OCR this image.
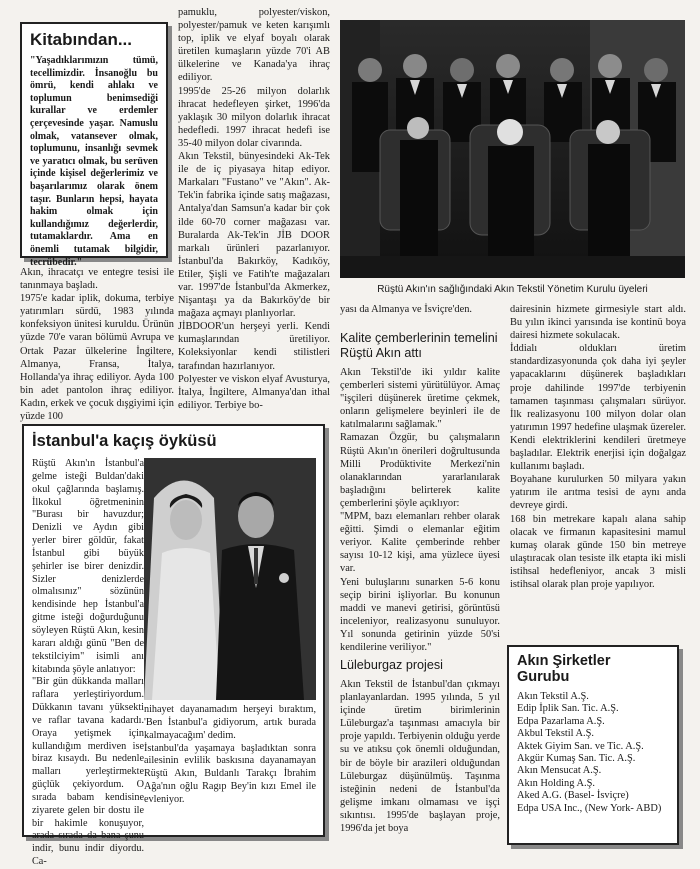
Kitabından...
"Yaşadıklarımızın tümü, tecellimizdir. İnsanoğlu bu ömrü, kendi ahlakı ve toplumun benimsediği kurallar ve erdemler çerçevesinde yaşar. Namuslu olmak, vatansever olmak, toplumunu, insanlığı sevmek ve yaratıcı olmak, bu serüven içinde kişisel değerlerimiz ve başarılarımız olarak önem taşır. Bunların hepsi, hayata hakim olmak için kullandığımız değerlerdir, tutamaklardır. Ama en önemli tutamak bilgidir, tecrübedir."
Akın, ihracatçı ve entegre tesisi ile tanınmaya başladı.
1975'e kadar iplik, dokuma, terbiye yatırımları sürdü, 1983 yılında konfeksiyon ünitesi kuruldu. Ürünün yüzde 70'e varan bölümü Avrupa ve Ortak Pazar ülkelerine İngiltere, Almanya, Fransa, İtalya, Hollanda'ya ihraç ediliyor. Ayda 100 bin adet pantolon ihraç ediliyor. Kadın, erkek ve çocuk dışgiyimi için yüzde 100
pamuklu, polyester/viskon, polyester/pamuk ve keten karışımlı top, iplik ve elyaf boyalı olarak üretilen kumaşların yüzde 70'i AB ülkelerine ve Kanada'ya ihraç ediliyor.
1995'de 25-26 milyon dolarlık ihracat hedefleyen şirket, 1996'da yaklaşık 30 milyon dolarlık ihracat hedefledi. 1997 ihracat hedefi ise 35-40 milyon dolar civarında.
Akın Tekstil, bünyesindeki Ak-Tek ile de iç piyasaya hitap ediyor. Markaları "Fustano" ve "Akın". Ak-Tek'in fabrika içinde satış mağazası, Antalya'dan Samsun'a kadar bir çok ilde 60-70 corner mağazası var. Buralarda Ak-Tek'in JİB DOOR markalı ürünleri pazarlanıyor. İstanbul'da Bakırköy, Kadıköy, Etiler, Şişli ve Fatih'te mağazaları var. 1997'de İstanbul'da Akmerkez, Nişantaşı ya da Bakırköy'de bir mağaza açmayı planlıyorlar.
JİBDOOR'un herşeyi yerli. Kendi kumaşlarından üretiliyor. Koleksiyonlar kendi stilistleri tarafından hazırlanıyor.
Polyester ve viskon elyaf Avusturya, İtalya, İngiltere, Almanya'dan ithal ediliyor. Terbiye bo-
Rüştü Akın'ın sağlığındaki Akın Tekstil Yönetim Kurulu üyeleri
İstanbul'a kaçış öyküsü
Rüştü Akın'ın İstanbul'a gelme isteği Buldan'daki okul çağlarında başlamış. İlkokul öğretmeninin "Burası bir havuzdur; Denizli ve Aydın gibi yerler birer göldür, fakat İstanbul gibi büyük şehirler ise birer denizdir. Sizler denizlerde olmalısınız" sözünün kendisinde hep İstanbul'a gitme isteği doğurduğunu söyleyen Rüştü Akın, kesin kararı aldığı günü "Ben de tekstilciyim" isimli anı kitabında şöyle anlatıyor:
"Bir gün dükkanda malları raflara yerleştiriyordum. Dükkanın tavanı yüksekti ve raflar tavana kadardı. Oraya yetişmek için kullandığım merdiven ise biraz kısaydı. Bu nedenle malları yerleştirmekte güçlük çekiyordum. O sırada babam kendisine ziyarete gelen bir dostu ile bir hakimle konuşuyor, arada sırada da bana şunu indir, bunu indir diyordu. Ca-
nihayet dayanamadım herşeyi bıraktım, 'Ben İstanbul'a gidiyorum, artık burada kalmayacağım' dedim.
İstanbul'da yaşamaya başladıktan sonra ailesinin evlilik baskısına dayanamayan Rüştü Akın, Buldanlı Tarakçı İbrahim Ağa'nın oğlu Ragıp Bey'in kızı Emel ile evleniyor.
yası da Almanya ve İsviçre'den.
Kalite çemberlerinin temelini Rüştü Akın attı
Akın Tekstil'de iki yıldır kalite çemberleri sistemi yürütülüyor. Amaç "işçileri düşünerek üretime çekmek, onların gelişmelere beyinleri ile de katılmalarını sağlamak."
Ramazan Özgür, bu çalışmaların Rüştü Akın'ın önerileri doğrultusunda Milli Prodüktivite Merkezi'nin olanaklarından yararlanılarak başladığını belirterek kalite çemberlerini şöyle açıklıyor:
"MPM, bazı elemanları rehber olarak eğitti. Şimdi o elemanlar eğitim veriyor. Kalite çemberinde rehber sayısı 10-12 kişi, ama yüzlece üyesi var.
Yeni buluşlarını sunarken 5-6 konu seçip birini işliyorlar. Bu konunun maddi ve manevi getirisi, görüntüsü inceleniyor, realizasyonu sunuluyor. Yıl sonunda getirinin yüzde 50'si kendilerine veriliyor."
Lüleburgaz projesi
Akın Tekstil de İstanbul'dan çıkmayı planlayanlardan. 1995 yılında, 5 yıl içinde üretim birimlerinin Lüleburgaz'a taşınması amacıyla bir proje yapıldı. Terbiyenin olduğu yerde su ve atıksu çok önemli olduğundan, bir de böyle bir arazileri olduğundan Lüleburgaz düşünülmüş. Taşınma isteğinin nedeni de İstanbul'da gelişme imkanı olmaması ve işçi sıkıntısı. 1995'de başlayan proje, 1996'da jet boya
dairesinin hizmete girmesiyle start aldı. Bu yılın ikinci yarısında ise kontinü boya dairesi hizmete sokulacak.
İddialı oldukları üretim standardizasyonunda çok daha iyi şeyler yapacaklarını düşünerek başladıkları proje dahilinde 1997'de terbiyenin tamamen taşınması çalışmaları sürüyor. İlk realizasyonu 100 milyon dolar olan yatırımın 1997 hedefine ulaşmak üzereler. Kendi elektriklerini kendileri üretmeye başladılar. Elektrik enerjisi için doğalgaz kullanımı başladı.
Boyahane kurulurken 50 milyara yakın yatırım ile arıtma tesisi de aynı anda devreye girdi.
168 bin metrekare kapalı alana sahip olacak ve firmanın kapasitesini mamul kumaş olarak günde 150 bin metreye ulaştıracak olan tesiste ilk etapta iki misli istihsal hedefleniyor, ancak 3 misli istihsal olarak plan proje yapılıyor.
Akın Şirketler Gurubu
Akın Tekstil A.Ş.
Edip İplik San. Tic. A.Ş.
Edpa Pazarlama A.Ş.
Akbul Tekstil A.Ş.
Aktek Giyim San. ve Tic. A.Ş.
Akgür Kumaş San. Tic. A.Ş.
Akın Mensucat A.Ş.
Akın Holding A.Ş.
Aked A.G. (Basel- İsviçre)
Edpa USA Inc., (New York- ABD)
